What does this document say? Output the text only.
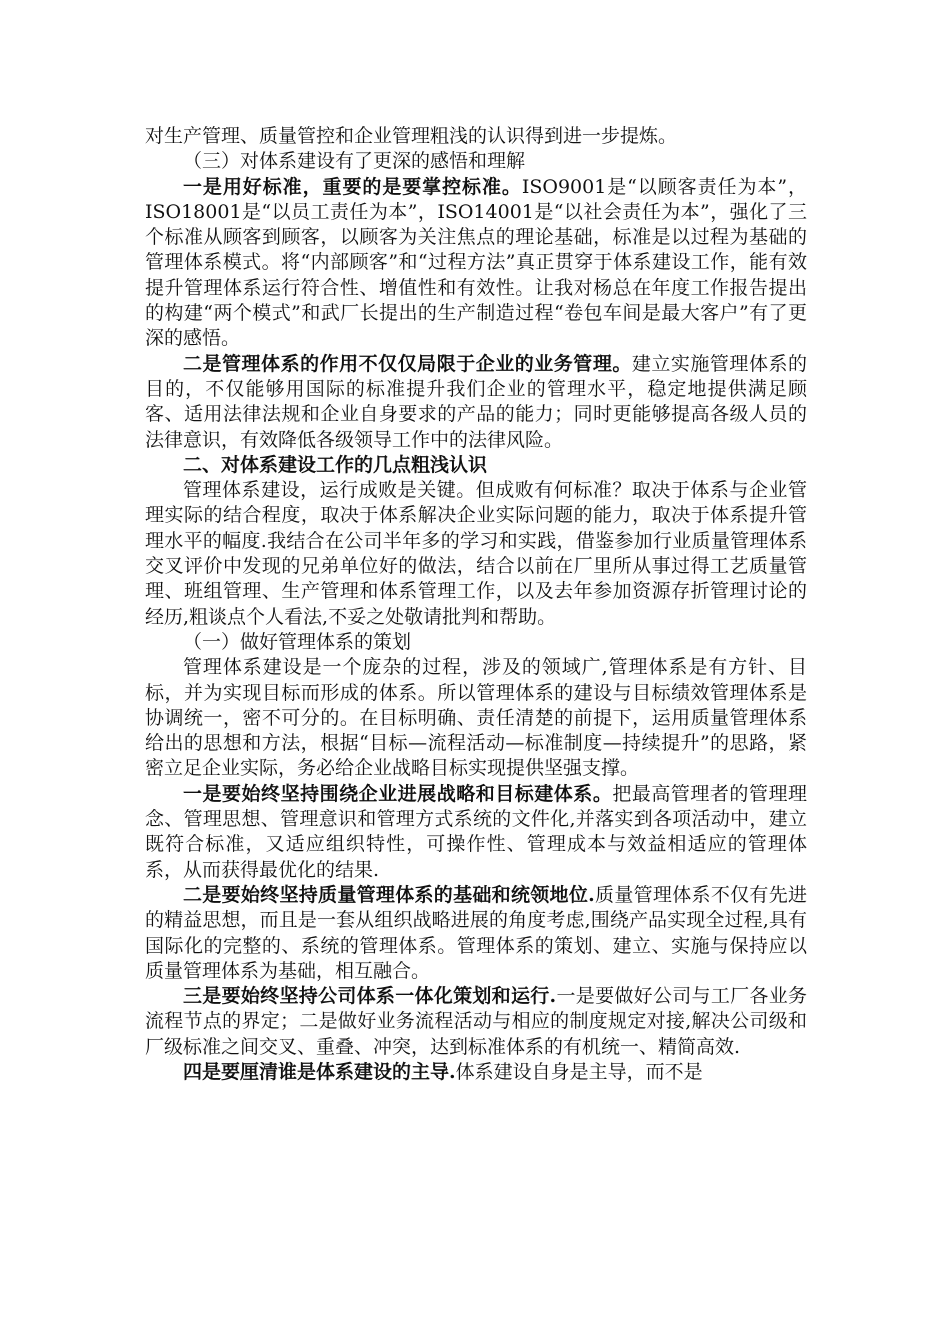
对生产管理、质量管控和企业管理粗浅的认识得到进一步提炼。

（三）对体系建设有了更深的感悟和理解

一是用好标准，重要的是要掌控标准。ISO9001是“以顾客责任为本”，ISO18001是“以员工责任为本”，ISO14001是“以社会责任为本”，强化了三个标准从顾客到顾客，以顾客为关注焦点的理论基础，标准是以过程为基础的管理体系模式。将“内部顾客”和“过程方法”真正贯穿于体系建设工作，能有效提升管理体系运行符合性、增值性和有效性。让我对杨总在年度工作报告提出的构建“两个模式”和武厂长提出的生产制造过程“卷包车间是最大客户”有了更深的感悟。

二是管理体系的作用不仅仅局限于企业的业务管理。建立实施管理体系的目的，不仅能够用国际的标准提升我们企业的管理水平，稳定地提供满足顾客、适用法律法规和企业自身要求的产品的能力；同时更能够提高各级人员的法律意识，有效降低各级领导工作中的法律风险。

二、对体系建设工作的几点粗浅认识

管理体系建设，运行成败是关键。但成败有何标准？取决于体系与企业管理实际的结合程度，取决于体系解决企业实际问题的能力，取决于体系提升管理水平的幅度.我结合在公司半年多的学习和实践，借鉴参加行业质量管理体系交叉评价中发现的兄弟单位好的做法，结合以前在厂里所从事过得工艺质量管理、班组管理、生产管理和体系管理工作，以及去年参加资源存折管理讨论的经历,粗谈点个人看法,不妥之处敬请批判和帮助。

（一）做好管理体系的策划

管理体系建设是一个庞杂的过程，涉及的领域广,管理体系是有方针、目标，并为实现目标而形成的体系。所以管理体系的建设与目标绩效管理体系是协调统一，密不可分的。在目标明确、责任清楚的前提下，运用质量管理体系给出的思想和方法，根据“目标—流程活动—标准制度—持续提升”的思路，紧密立足企业实际，务必给企业战略目标实现提供坚强支撑。

一是要始终坚持围绕企业进展战略和目标建体系。把最高管理者的管理理念、管理思想、管理意识和管理方式系统的文件化,并落实到各项活动中，建立既符合标准，又适应组织特性，可操作性、管理成本与效益相适应的管理体系，从而获得最优化的结果.

二是要始终坚持质量管理体系的基础和统领地位.质量管理体系不仅有先进的精益思想，而且是一套从组织战略进展的角度考虑,围绕产品实现全过程,具有国际化的完整的、系统的管理体系。管理体系的策划、建立、实施与保持应以质量管理体系为基础，相互融合。

三是要始终坚持公司体系一体化策划和运行.一是要做好公司与工厂各业务流程节点的界定；二是做好业务流程活动与相应的制度规定对接,解决公司级和厂级标准之间交叉、重叠、冲突，达到标准体系的有机统一、精简高效.

四是要厘清谁是体系建设的主导.体系建设自身是主导，而不是
